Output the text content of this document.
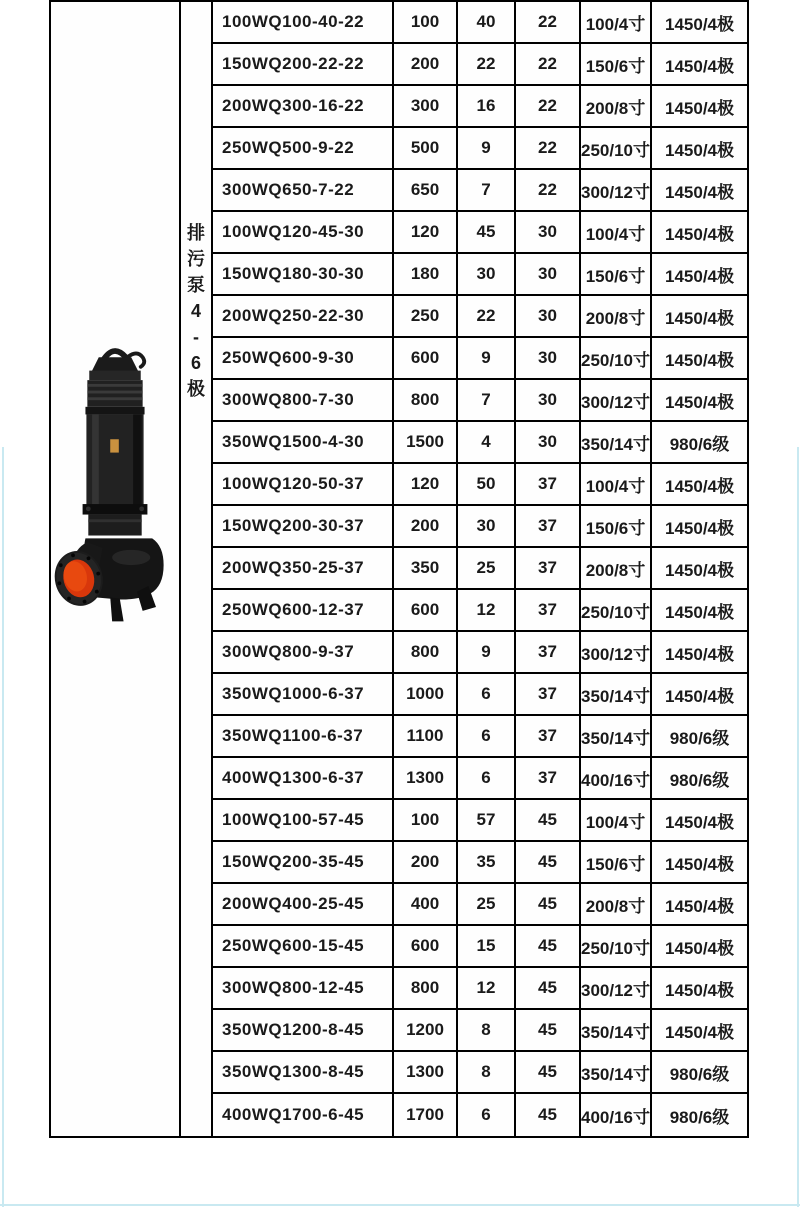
排
污
泵
4
-
6
极
100WQ100-40-22	100	40	22	100/4寸	1450/4极
150WQ200-22-22	200	22	22	150/6寸	1450/4极
200WQ300-16-22	300	16	22	200/8寸	1450/4极
250WQ500-9-22	500	9	22	250/10寸 1450/4极
300WQ650-7-22	650	7	22	300/12寸 1450/4极
100WQ120-45-30	120	45	30	100/4寸	1450/4极
150WQ180-30-30	180	30	30	150/6寸	1450/4极
200WQ250-22-30	250	22	30	200/8寸	1450/4极
250WQ600-9-30	600	9	30	250/10寸 1450/4极
300WQ800-7-30	800	7	30	300/12寸 1450/4极
350WQ1500-4-30	1500	4	30	350/14寸	980/6级
100WQ120-50-37	120	50	37	100/4寸	1450/4极
150WQ200-30-37	200	30	37	150/6寸	1450/4极
200WQ350-25-37	350	25	37	200/8寸	1450/4极
250WQ600-12-37	600	12	37	250/10寸 1450/4极
300WQ800-9-37	800	9	37	300/12寸 1450/4极
350WQ1000-6-37	1000	6	37	350/14寸 1450/4极
350WQ1100-6-37	1100	6	37	350/14寸	980/6级
400WQ1300-6-37	1300	6	37	400/16寸	980/6级
100WQ100-57-45	100	57	45	100/4寸	1450/4极
150WQ200-35-45	200	35	45	150/6寸	1450/4极
200WQ400-25-45	400	25	45	200/8寸	1450/4极
250WQ600-15-45	600	15	45	250/10寸 1450/4极
300WQ800-12-45	800	12	45	300/12寸 1450/4极
350WQ1200-8-45	1200	8	45	350/14寸 1450/4极
350WQ1300-8-45	1300	8	45	350/14寸	980/6级
400WQ1700-6-45	1700	6	45	400/16寸	980/6级
